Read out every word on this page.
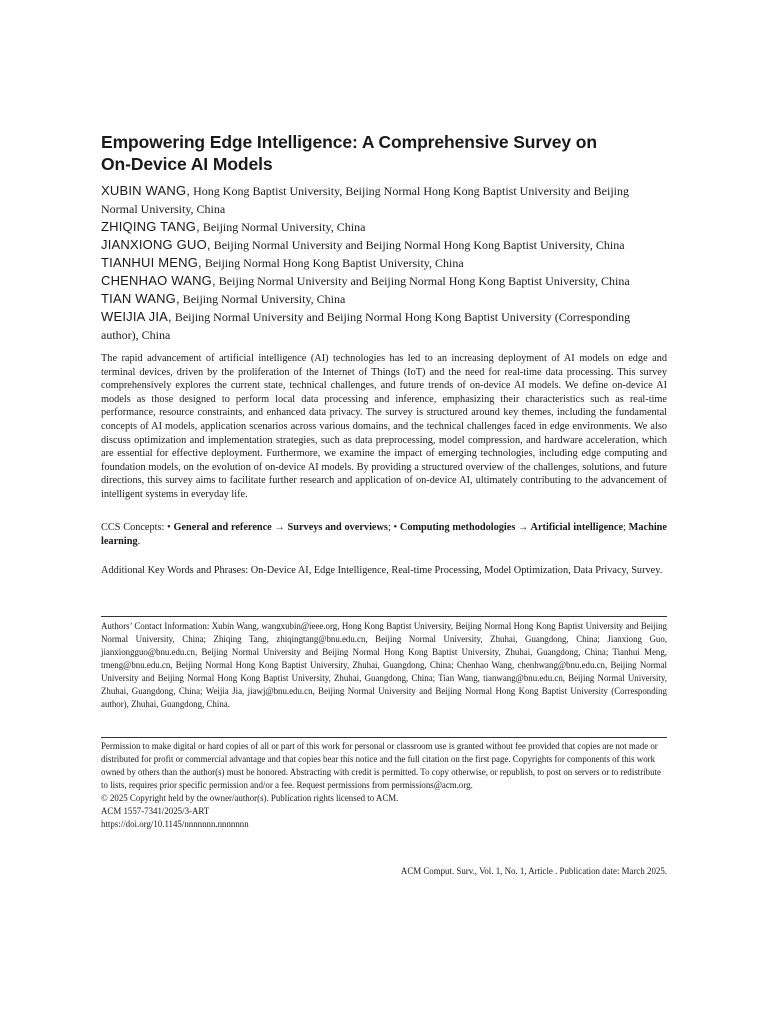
Empowering Edge Intelligence: A Comprehensive Survey on
On-Device AI Models

XUBIN WANG, Hong Kong Baptist University, Beijing Normal Hong Kong Baptist University and Beijing Normal University, China

ZHIQING TANG, Beijing Normal University, China

JIANXIONG GUO, Beijing Normal University and Beijing Normal Hong Kong Baptist University, China

TIANHUI MENG, Beijing Normal Hong Kong Baptist University, China

CHENHAO WANG, Beijing Normal University and Beijing Normal Hong Kong Baptist University, China

TIAN WANG, Beijing Normal University, China

WEIJIA JIA, Beijing Normal University and Beijing Normal Hong Kong Baptist University (Corresponding author), China

The rapid advancement of artificial intelligence (AI) technologies has led to an increasing deployment of AI models on edge and terminal devices, driven by the proliferation of the Internet of Things (IoT) and the need for real-time data processing. This survey comprehensively explores the current state, technical challenges, and future trends of on-device AI models. We define on-device AI models as those designed to perform local data processing and inference, emphasizing their characteristics such as real-time performance, resource constraints, and enhanced data privacy. The survey is structured around key themes, including the fundamental concepts of AI models, application scenarios across various domains, and the technical challenges faced in edge environments. We also discuss optimization and implementation strategies, such as data preprocessing, model compression, and hardware acceleration, which are essential for effective deployment. Furthermore, we examine the impact of emerging technologies, including edge computing and foundation models, on the evolution of on-device AI models. By providing a structured overview of the challenges, solutions, and future directions, this survey aims to facilitate further research and application of on-device AI, ultimately contributing to the advancement of intelligent systems in everyday life.
CCS Concepts: • General and reference → Surveys and overviews; • Computing methodologies → Artificial intelligence; Machine learning.
Additional Key Words and Phrases: On-Device AI, Edge Intelligence, Real-time Processing, Model Optimization, Data Privacy, Survey.
Authors’ Contact Information: Xubin Wang, wangxubin@ieee.org, Hong Kong Baptist University, Beijing Normal Hong Kong Baptist University and Beijing Normal University, China; Zhiqing Tang, zhiqingtang@bnu.edu.cn, Beijing Normal University, Zhuhai, Guangdong, China; Jianxiong Guo, jianxiongguo@bnu.edu.cn, Beijing Normal University and Beijing Normal Hong Kong Baptist University, Zhuhai, Guangdong, China; Tianhui Meng, tmeng@bnu.edu.cn, Beijing Normal Hong Kong Baptist University, Zhuhai, Guangdong, China; Chenhao Wang, chenhwang@bnu.edu.cn, Beijing Normal University and Beijing Normal Hong Kong Baptist University, Zhuhai, Guangdong, China; Tian Wang, tianwang@bnu.edu.cn, Beijing Normal University, Zhuhai, Guangdong, China; Weijia Jia, jiawj@bnu.edu.cn, Beijing Normal University and Beijing Normal Hong Kong Baptist University (Corresponding author), Zhuhai, Guangdong, China.
Permission to make digital or hard copies of all or part of this work for personal or classroom use is granted without fee provided that copies are not made or distributed for profit or commercial advantage and that copies bear this notice and the full citation on the first page. Copyrights for components of this work owned by others than the author(s) must be honored. Abstracting with credit is permitted. To copy otherwise, or republish, to post on servers or to redistribute to lists, requires prior specific permission and/or a fee. Request permissions from permissions@acm.org.
© 2025 Copyright held by the owner/author(s). Publication rights licensed to ACM.
ACM 1557-7341/2025/3-ART
https://doi.org/10.1145/nnnnnnn.nnnnnnn
ACM Comput. Surv., Vol. 1, No. 1, Article . Publication date: March 2025.
